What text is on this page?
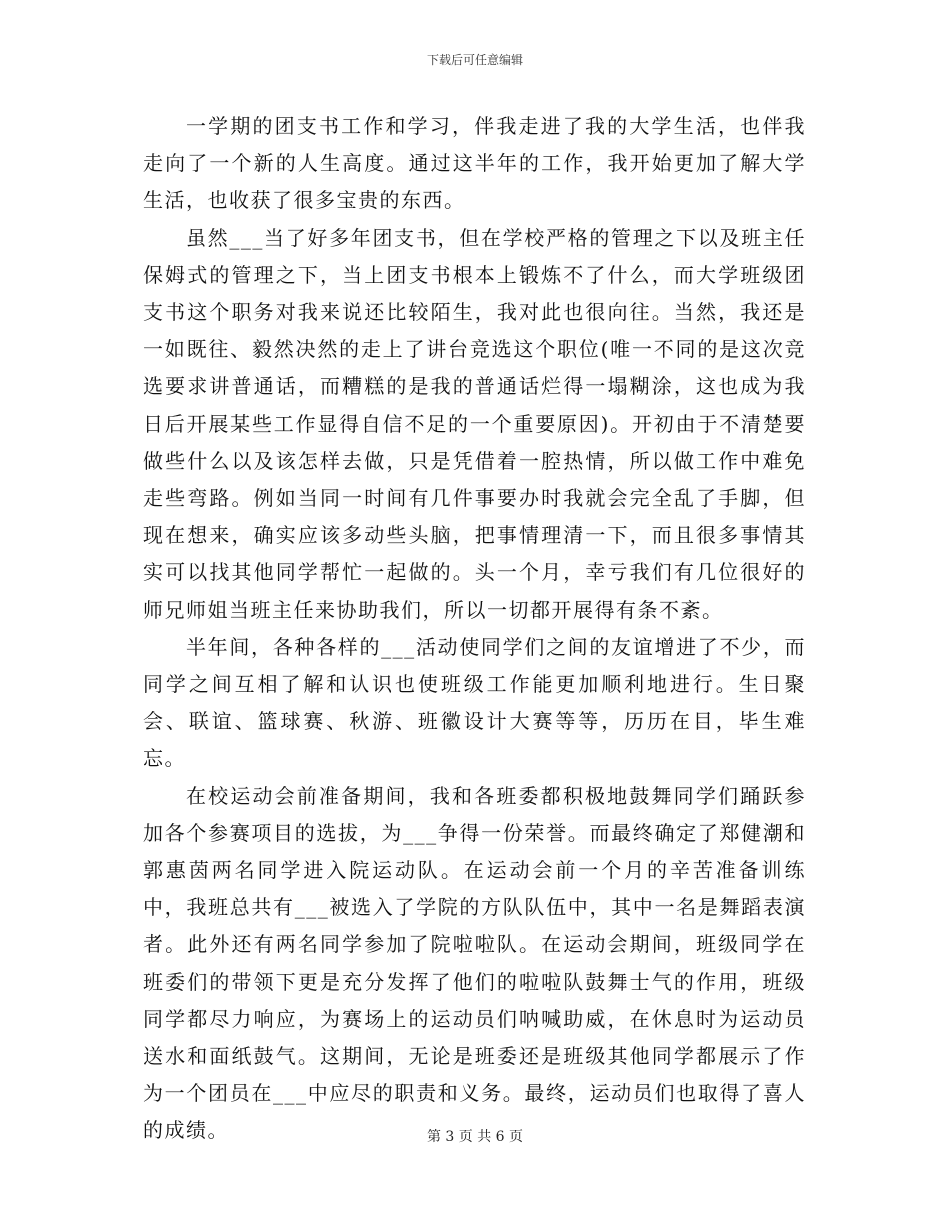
下载后可任意编辑

一学期的团支书工作和学习，伴我走进了我的大学生活，也伴我走向了一个新的人生高度。通过这半年的工作，我开始更加了解大学生活，也收获了很多宝贵的东西。

虽然___当了好多年团支书，但在学校严格的管理之下以及班主任保姆式的管理之下，当上团支书根本上锻炼不了什么，而大学班级团支书这个职务对我来说还比较陌生，我对此也很向往。当然，我还是一如既往、毅然决然的走上了讲台竞选这个职位(唯一不同的是这次竞选要求讲普通话，而糟糕的是我的普通话烂得一塌糊涂，这也成为我日后开展某些工作显得自信不足的一个重要原因)。开初由于不清楚要做些什么以及该怎样去做，只是凭借着一腔热情，所以做工作中难免走些弯路。例如当同一时间有几件事要办时我就会完全乱了手脚，但现在想来，确实应该多动些头脑，把事情理清一下，而且很多事情其实可以找其他同学帮忙一起做的。头一个月，幸亏我们有几位很好的师兄师姐当班主任来协助我们，所以一切都开展得有条不紊。

半年间，各种各样的___活动使同学们之间的友谊增进了不少，而同学之间互相了解和认识也使班级工作能更加顺利地进行。生日聚会、联谊、篮球赛、秋游、班徽设计大赛等等，历历在目，毕生难忘。

在校运动会前准备期间，我和各班委都积极地鼓舞同学们踊跃参加各个参赛项目的选拔，为___争得一份荣誉。而最终确定了郑健潮和郭惠茵两名同学进入院运动队。在运动会前一个月的辛苦准备训练中，我班总共有___被选入了学院的方队队伍中，其中一名是舞蹈表演者。此外还有两名同学参加了院啦啦队。在运动会期间，班级同学在班委们的带领下更是充分发挥了他们的啦啦队鼓舞士气的作用，班级同学都尽力响应，为赛场上的运动员们呐喊助威，在休息时为运动员送水和面纸鼓气。这期间，无论是班委还是班级其他同学都展示了作为一个团员在___中应尽的职责和义务。最终，运动员们也取得了喜人的成绩。	第 3 页 共 6 页
